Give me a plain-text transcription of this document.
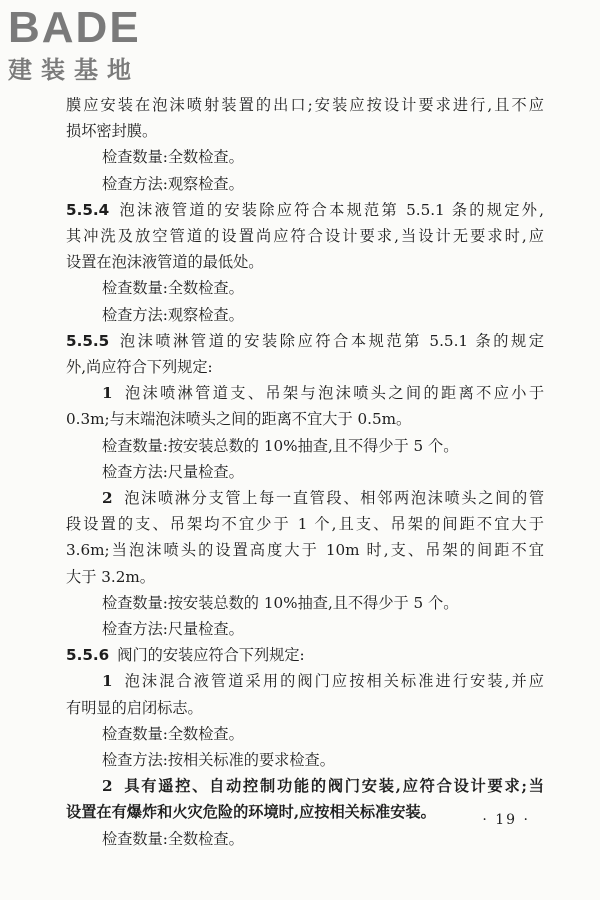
BADE
建装基地
膜应安装在泡沫喷射装置的出口;安装应按设计要求进行,且不应
损坏密封膜。
检查数量:全数检查。
检查方法:观察检查。
5.5.4 泡沫液管道的安装除应符合本规范第 5.5.1 条的规定外,
其冲洗及放空管道的设置尚应符合设计要求,当设计无要求时,应
设置在泡沫液管道的最低处。
检查数量:全数检查。
检查方法:观察检查。
5.5.5 泡沫喷淋管道的安装除应符合本规范第 5.5.1 条的规定
外,尚应符合下列规定:
1 泡沫喷淋管道支、吊架与泡沫喷头之间的距离不应小于
0.3m;与末端泡沫喷头之间的距离不宜大于 0.5m。
检查数量:按安装总数的 10%抽查,且不得少于 5 个。
检查方法:尺量检查。
2 泡沫喷淋分支管上每一直管段、相邻两泡沫喷头之间的管
段设置的支、吊架均不宜少于 1 个,且支、吊架的间距不宜大于
3.6m;当泡沫喷头的设置高度大于 10m 时,支、吊架的间距不宜
大于 3.2m。
检查数量:按安装总数的 10%抽查,且不得少于 5 个。
检查方法:尺量检查。
5.5.6 阀门的安装应符合下列规定:
1 泡沫混合液管道采用的阀门应按相关标准进行安装,并应
有明显的启闭标志。
检查数量:全数检查。
检查方法:按相关标准的要求检查。
2 具有遥控、自动控制功能的阀门安装,应符合设计要求;当
设置在有爆炸和火灾危险的环境时,应按相关标准安装。
检查数量:全数检查。
· 19 ·
